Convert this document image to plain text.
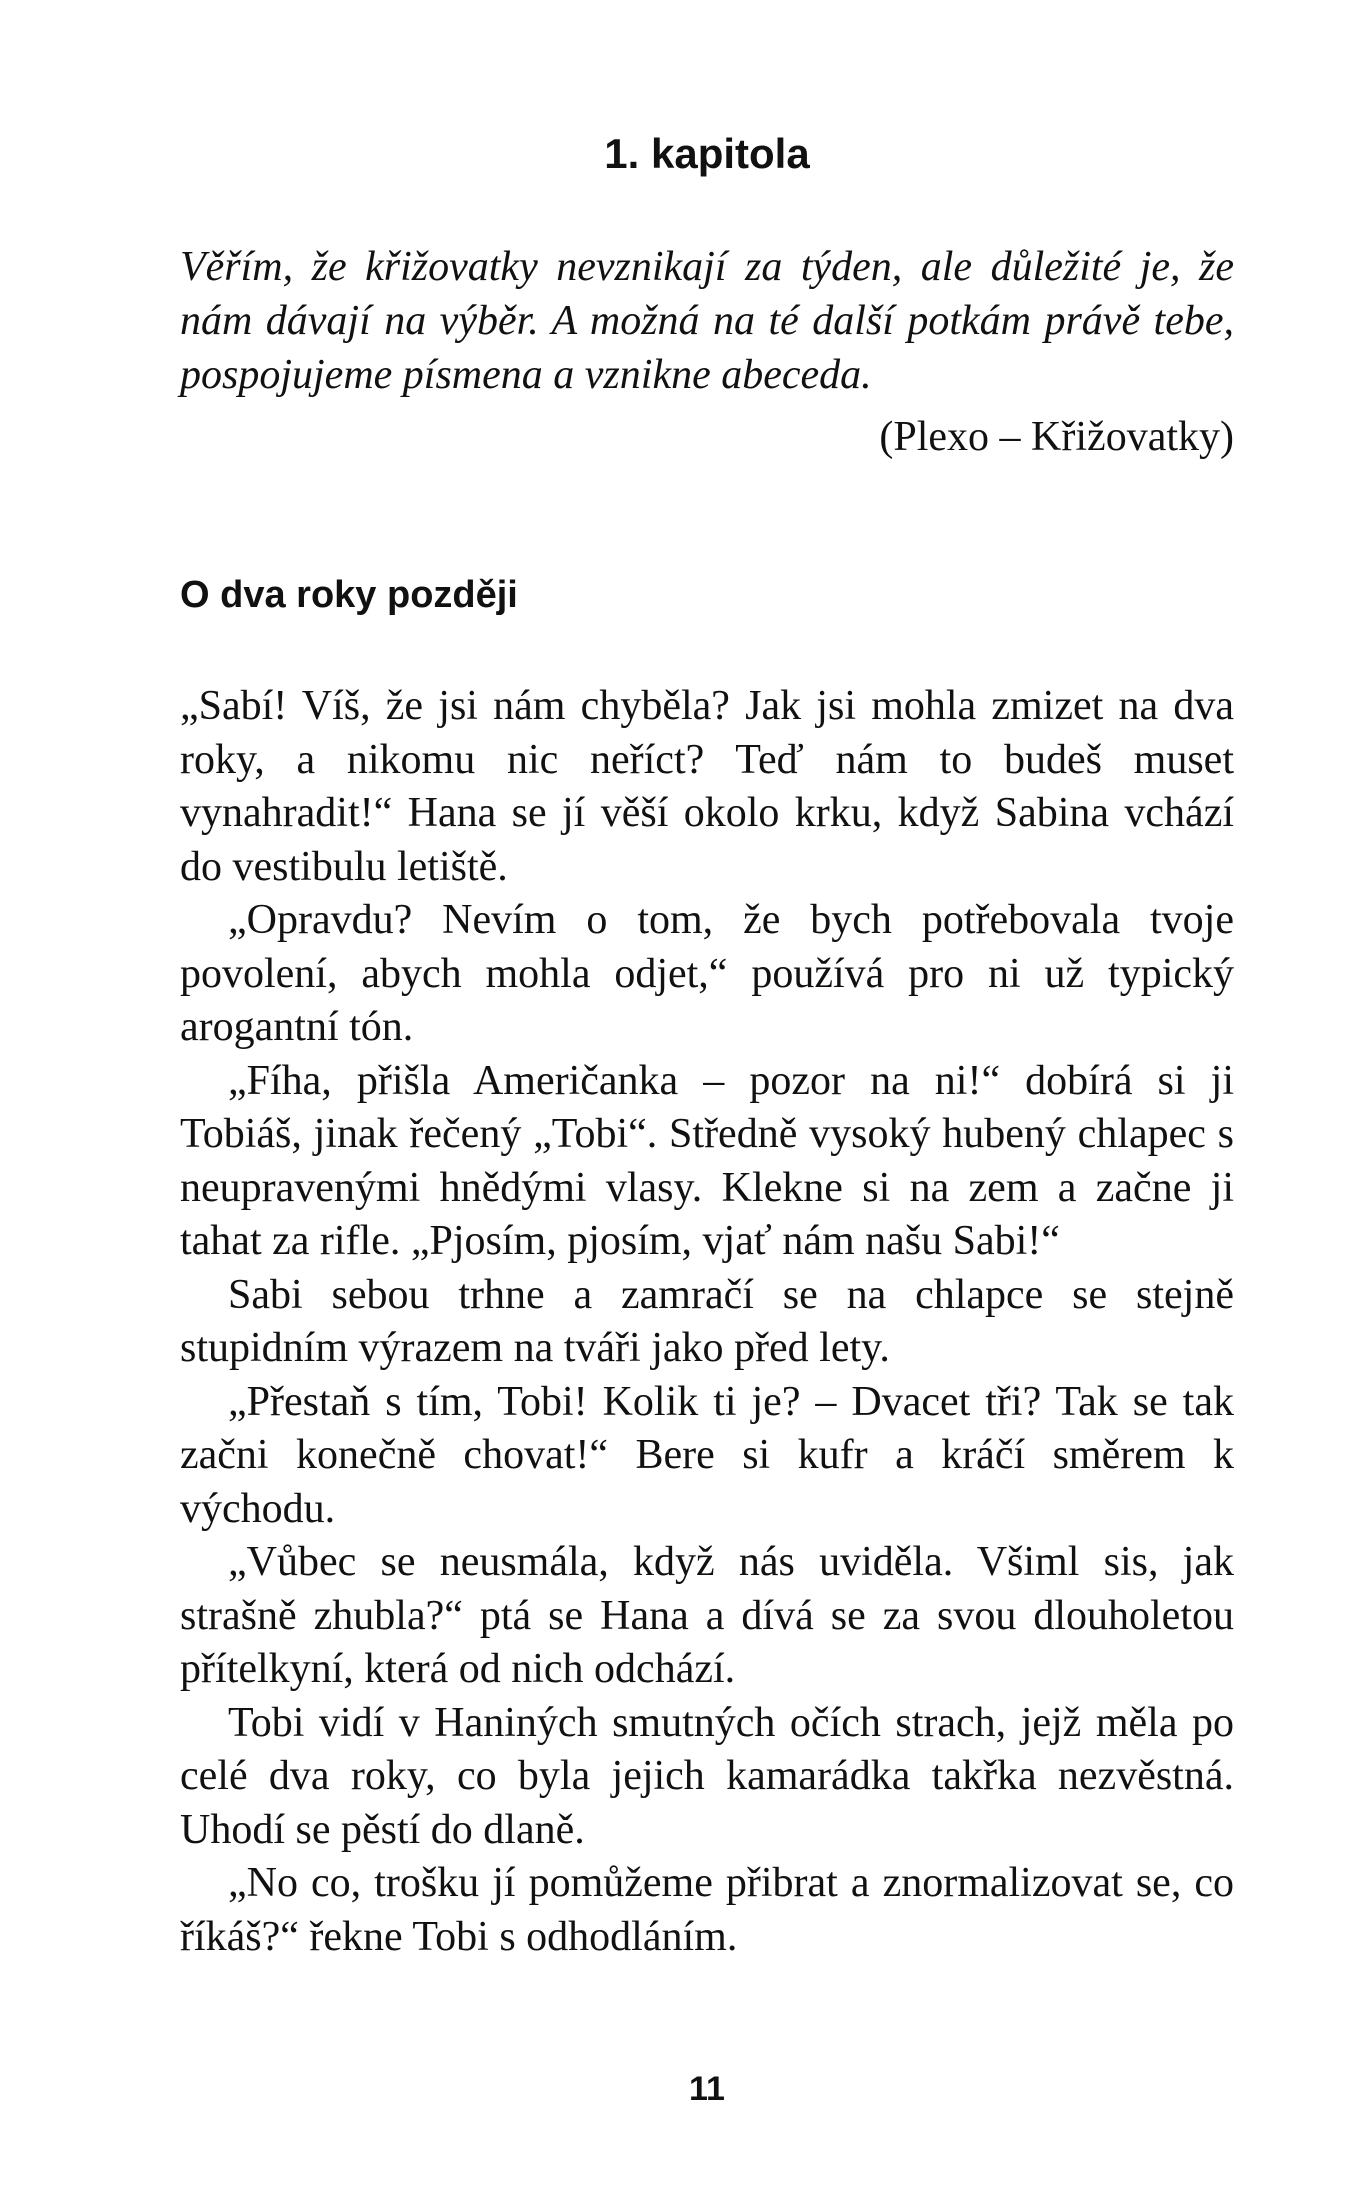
1. kapitola

Věřím, že křižovatky nevznikají za týden, ale důležité je, že nám dávají na výběr. A možná na té další potkám právě tebe, pospojujeme písmena a vznikne abeceda.

(Plexo – Křižovatky)

O dva roky později

„Sabí! Víš, že jsi nám chyběla? Jak jsi mohla zmizet na dva roky, a nikomu nic neříct? Teď nám to budeš muset vynahradit!“ Hana se jí věší okolo krku, když Sabina vchází do vestibulu letiště.

„Opravdu? Nevím o tom, že bych potřebovala tvoje povolení, abych mohla odjet,“ používá pro ni už typický arogantní tón.

„Fíha, přišla Američanka – pozor na ni!“ dobírá si ji Tobiáš, jinak řečený „Tobi“. Středně vysoký hubený chlapec s neupravenými hnědými vlasy. Klekne si na zem a začne ji tahat za rifle. „Pjosím, pjosím, vjať nám našu Sabi!“

Sabi sebou trhne a zamračí se na chlapce se stejně stupidním výrazem na tváři jako před lety.

„Přestaň s tím, Tobi! Kolik ti je? – Dvacet tři? Tak se tak začni konečně chovat!“ Bere si kufr a kráčí směrem k východu.

„Vůbec se neusmála, když nás uviděla. Všiml sis, jak strašně zhubla?“ ptá se Hana a dívá se za svou dlouholetou přítelkyní, která od nich odchází.

Tobi vidí v Haniných smutných očích strach, jejž měla po celé dva roky, co byla jejich kamarádka takřka nezvěstná. Uhodí se pěstí do dlaně.

„No co, trošku jí pomůžeme přibrat a znormalizovat se, co říkáš?“ řekne Tobi s odhodláním.

11
